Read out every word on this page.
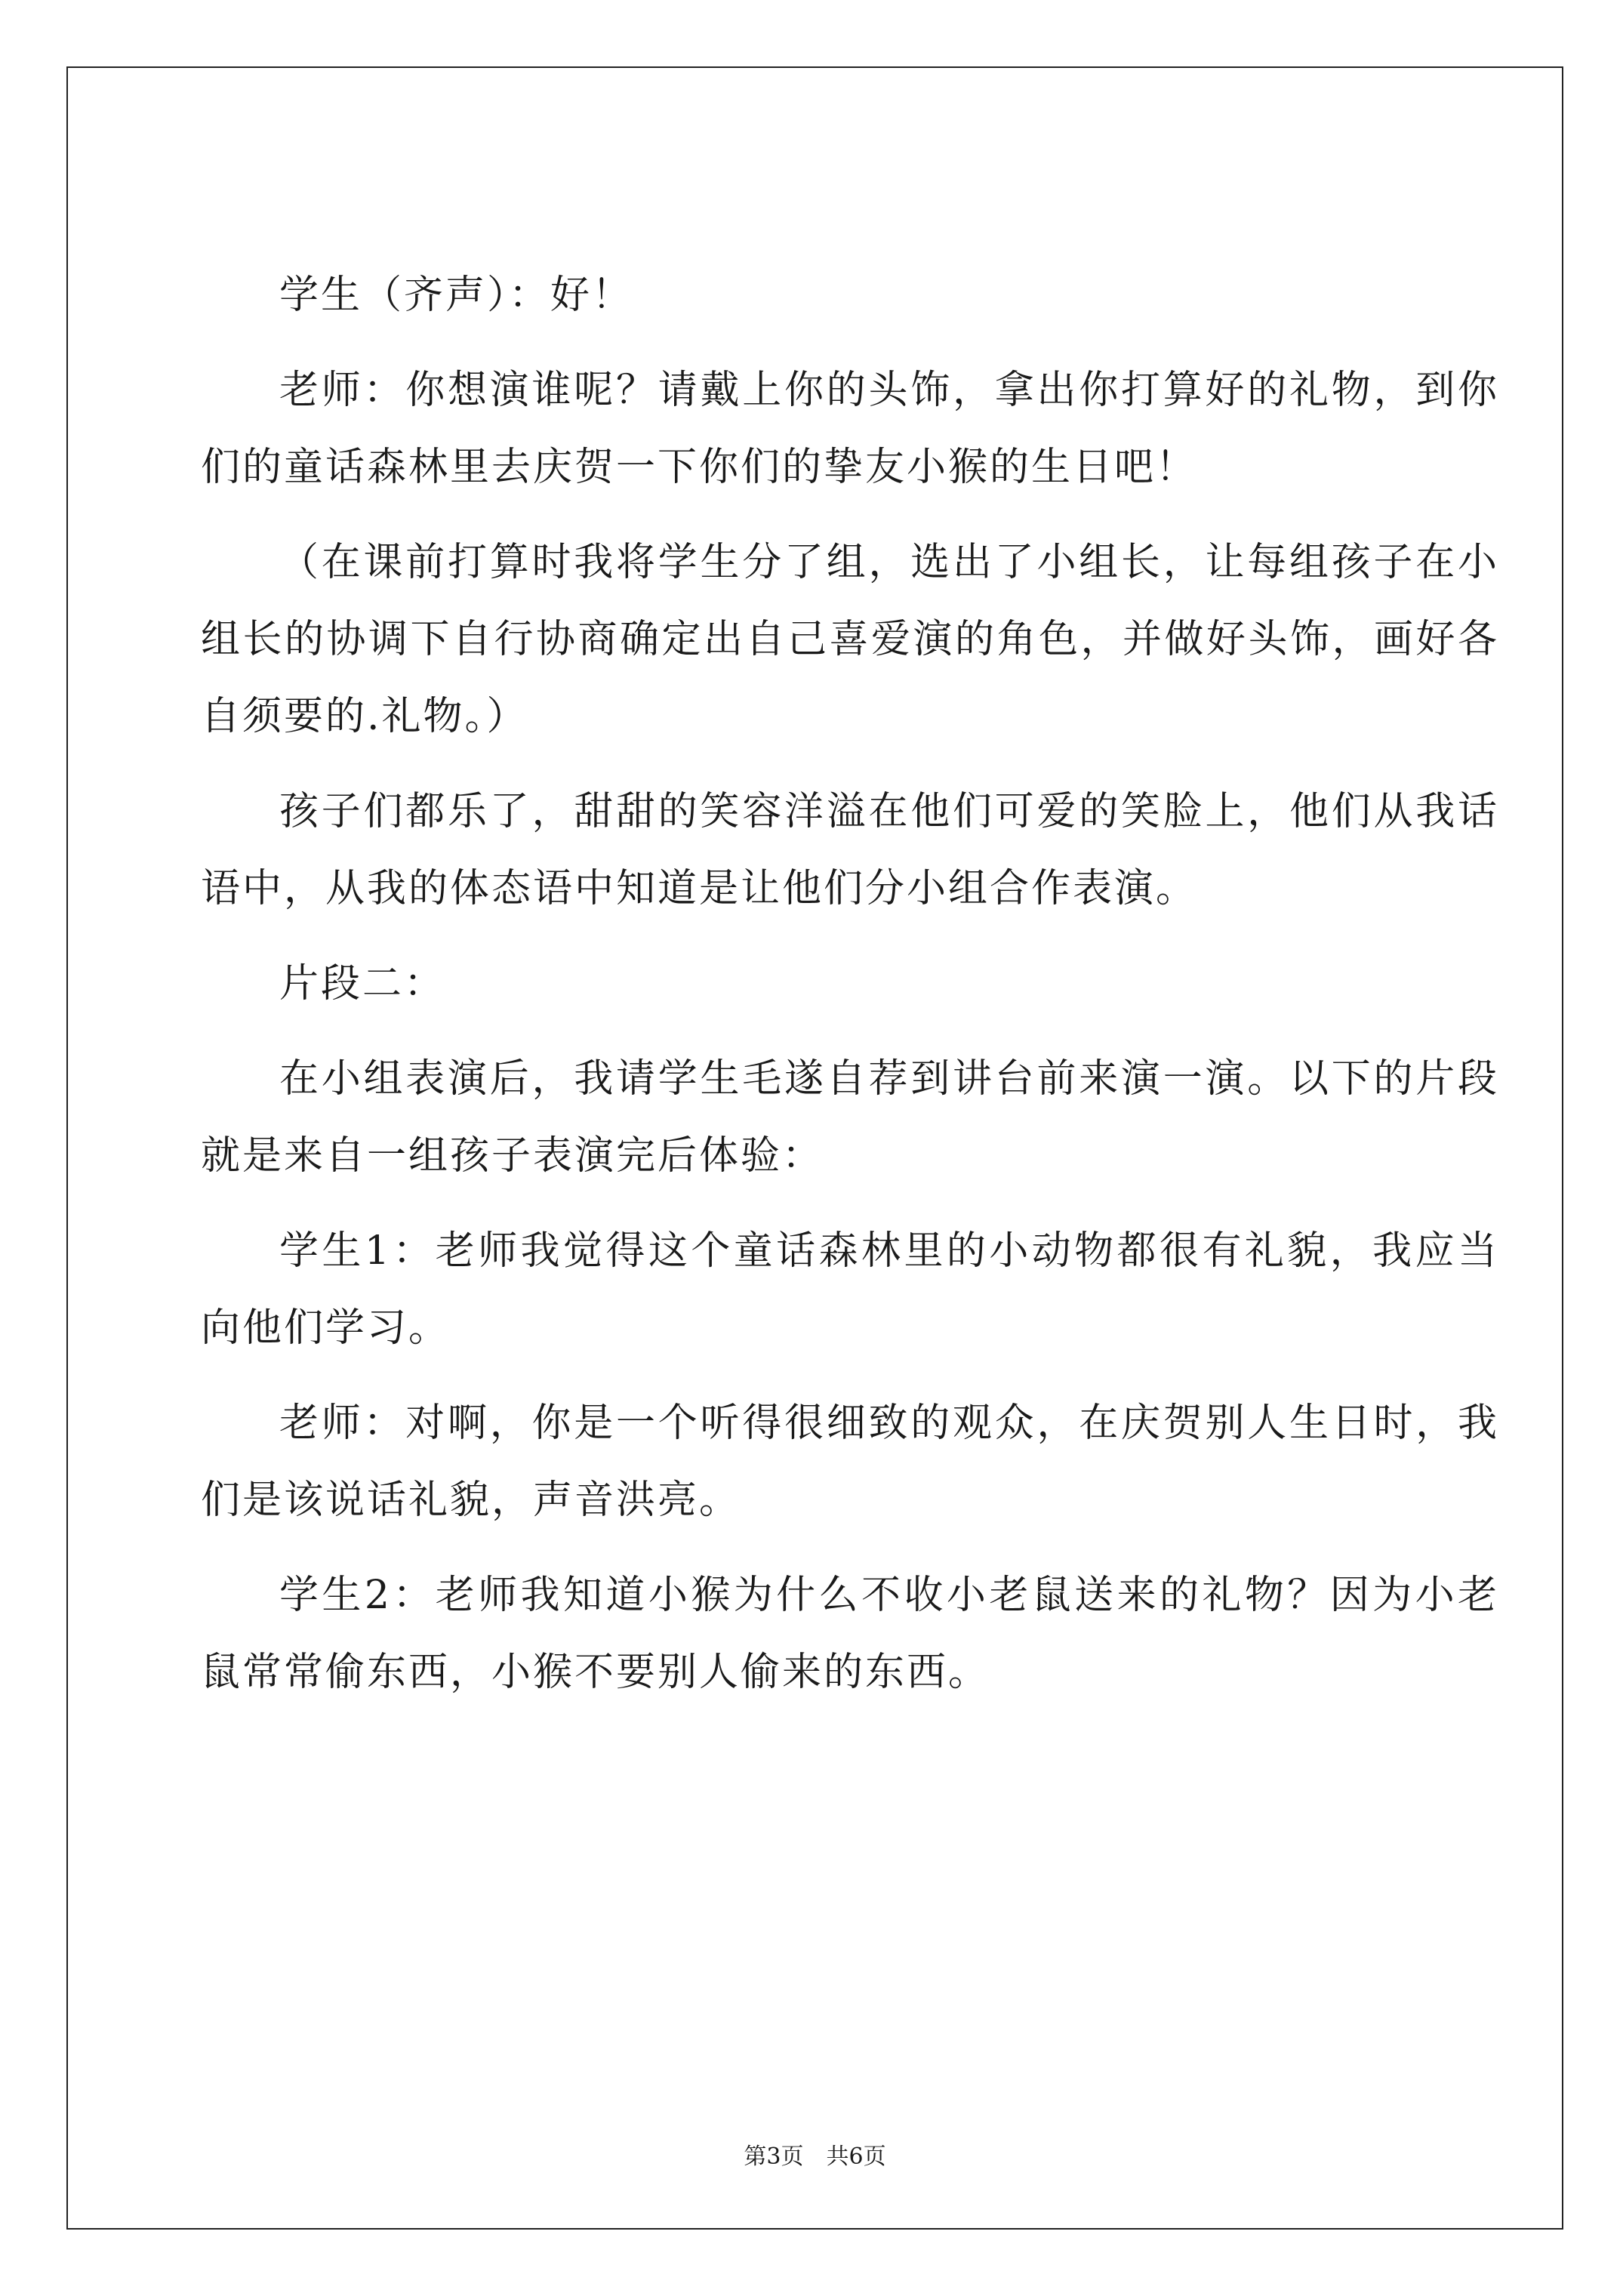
学生（齐声）：好！

老师：你想演谁呢？请戴上你的头饰，拿出你打算好的礼物，到你们的童话森林里去庆贺一下你们的挚友小猴的生日吧！

（在课前打算时我将学生分了组，选出了小组长，让每组孩子在小组长的协调下自行协商确定出自己喜爱演的角色，并做好头饰，画好各自须要的.礼物。）

孩子们都乐了，甜甜的笑容洋溢在他们可爱的笑脸上，他们从我话语中，从我的体态语中知道是让他们分小组合作表演。

片段二：

在小组表演后，我请学生毛遂自荐到讲台前来演一演。以下的片段就是来自一组孩子表演完后体验：

学生1：老师我觉得这个童话森林里的小动物都很有礼貌，我应当向他们学习。

老师：对啊，你是一个听得很细致的观众，在庆贺别人生日时，我们是该说话礼貌，声音洪亮。

学生2：老师我知道小猴为什么不收小老鼠送来的礼物？因为小老鼠常常偷东西，小猴不要别人偷来的东西。

第3页　共6页
